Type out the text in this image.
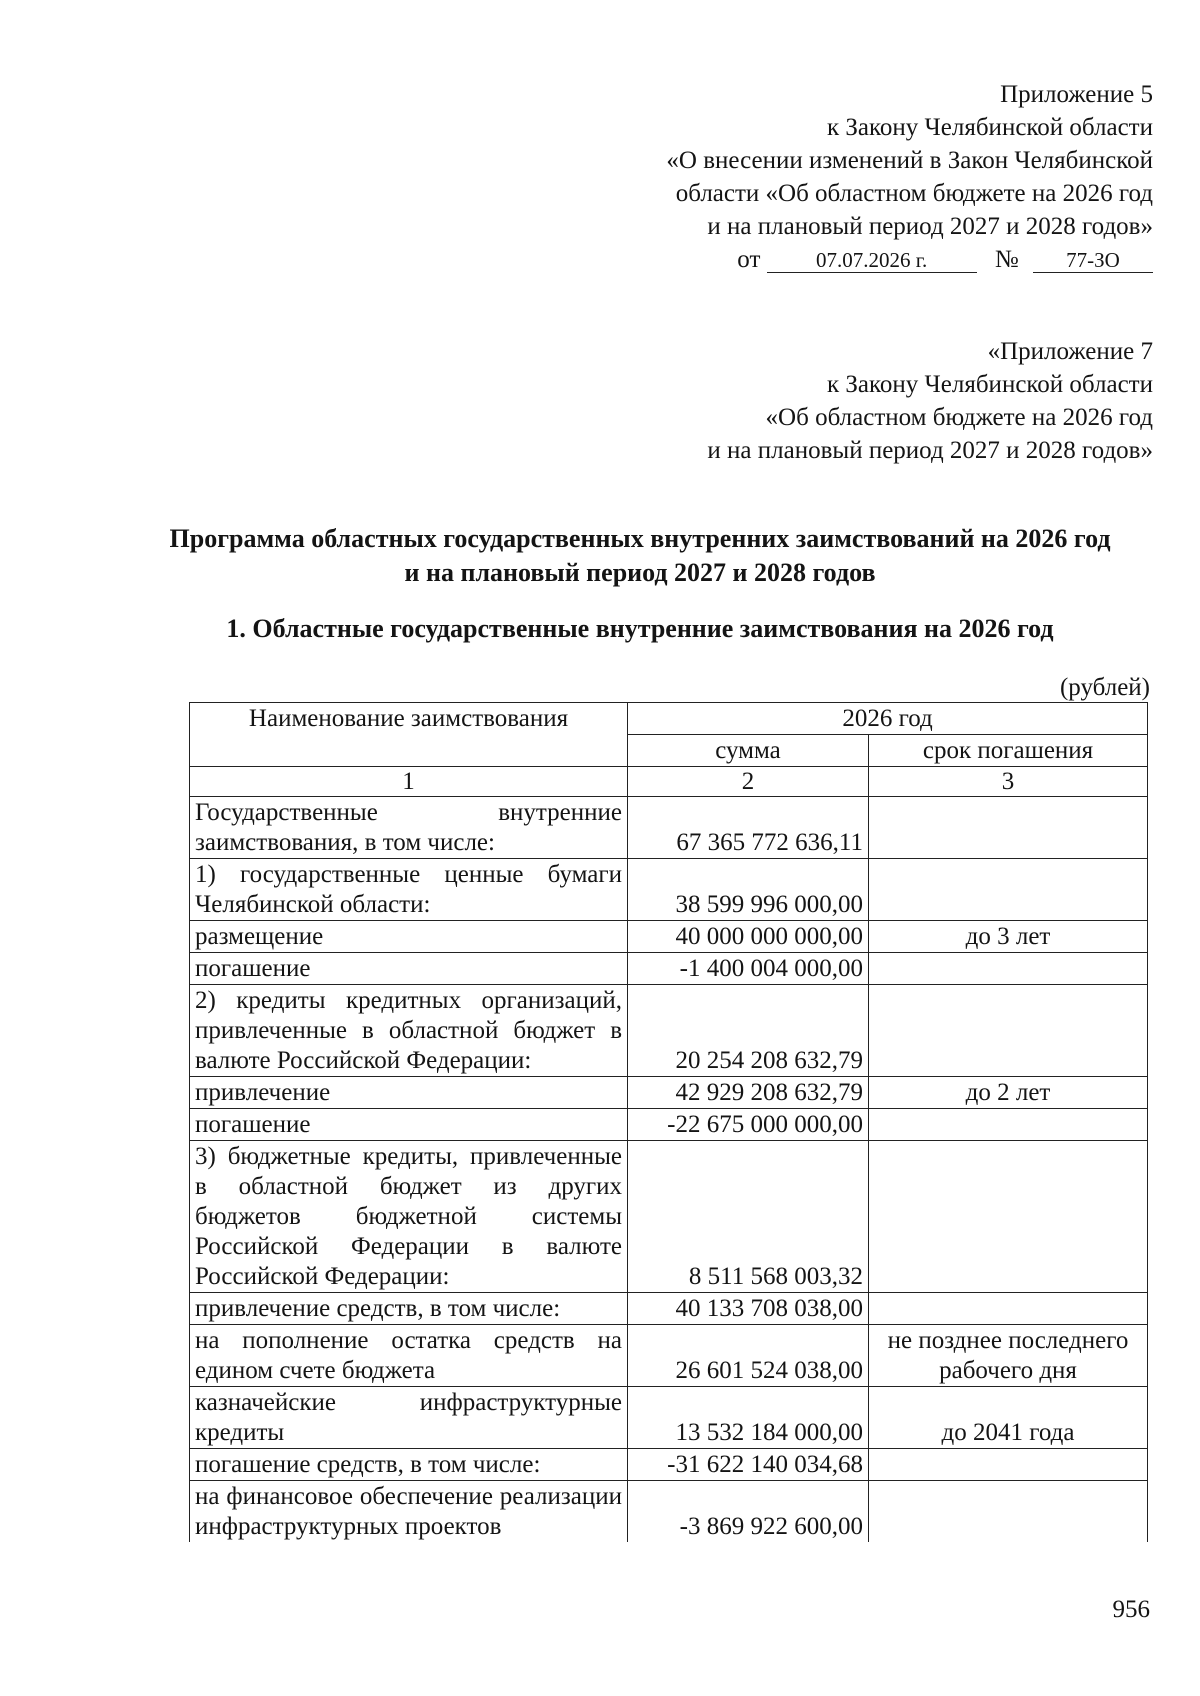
Приложение 5
к Закону Челябинской области
«О внесении изменений в Закон Челябинской
области «Об областном бюджете на 2026 год
и на плановый период 2027 и 2028 годов»
от	07.07.2026 г.	№ 77-ЗО
«Приложение 7
к Закону Челябинской области
«Об областном бюджете на 2026 год
и на плановый период 2027 и 2028 годов»
Программа областных государственных внутренних заимствований на 2026 год
и на плановый период 2027 и 2028 годов
1. Областные государственные внутренние заимствования на 2026 год
(рублей)
Наименование заимствования	2026 год	
	сумма	срок погашения
1	2	3
Государственные внутренние заимствования, в том числе:	67 365 772 636,11	
1) государственные ценные бумаги Челябинской области:	38 599 996 000,00	
размещение	40 000 000 000,00	до 3 лет
погашение	-1 400 004 000,00	
2) кредиты кредитных организаций, привлеченные в областной бюджет в валюте Российской Федерации:	20 254 208 632,79	
привлечение	42 929 208 632,79	до 2 лет
погашение	-22 675 000 000,00	
3) бюджетные кредиты, привлеченные в областной бюджет из других бюджетов бюджетной системы Российской Федерации в валюте Российской Федерации:	8 511 568 003,32	
привлечение средств, в том числе:	40 133 708 038,00	
на пополнение остатка средств на едином счете бюджета	26 601 524 038,00	не позднее последнего рабочего дня
казначейские инфраструктурные кредиты	13 532 184 000,00	до 2041 года
погашение средств, в том числе:	-31 622 140 034,68	
на финансовое обеспечение реализации инфраструктурных проектов	-3 869 922 600,00	
956
